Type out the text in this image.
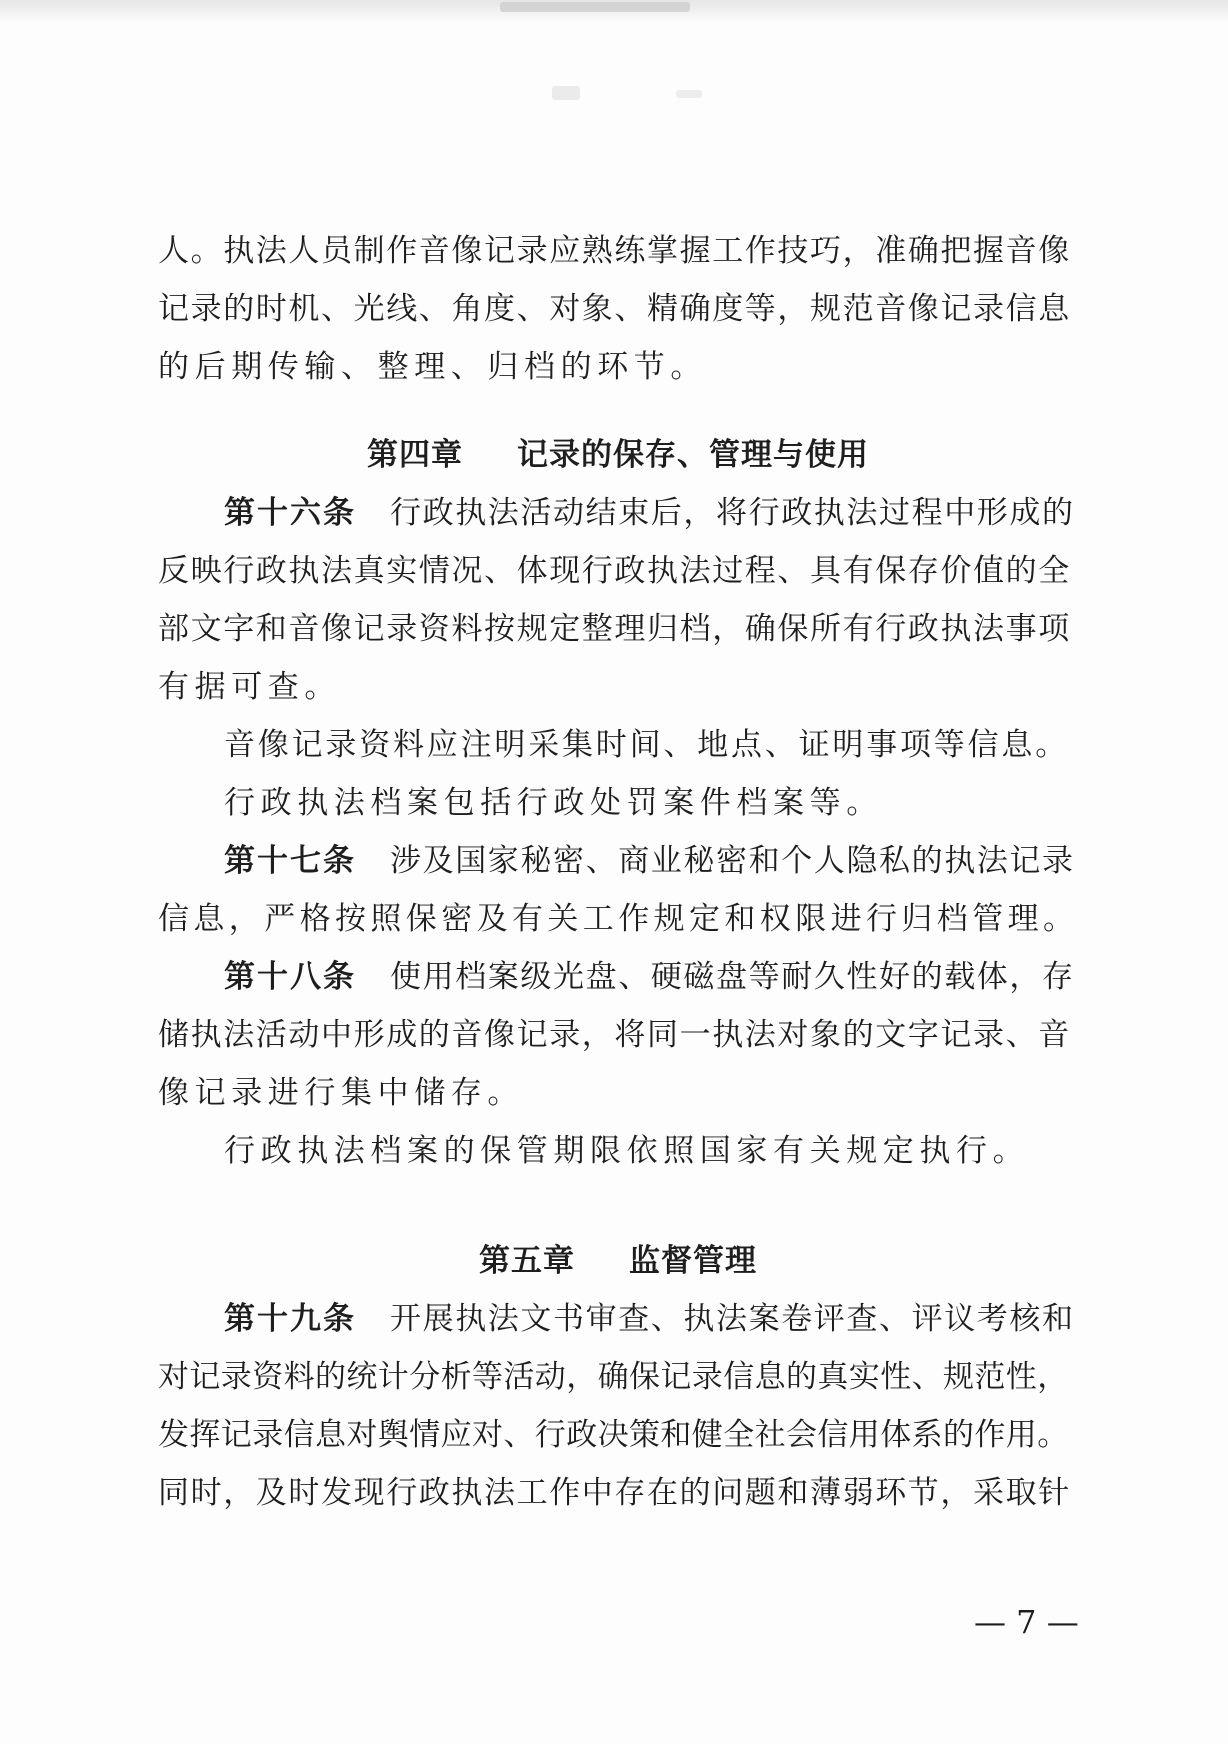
人。执法人员制作音像记录应熟练掌握工作技巧，准确把握音像

记录的时机、光线、角度、对象、精确度等，规范音像记录信息

的后期传输、整理、归档的环节。

第四章 记录的保存、管理与使用

第十六条 行政执法活动结束后，将行政执法过程中形成的

反映行政执法真实情况、体现行政执法过程、具有保存价值的全

部文字和音像记录资料按规定整理归档，确保所有行政执法事项

有据可查。

音像记录资料应注明采集时间、地点、证明事项等信息。

行政执法档案包括行政处罚案件档案等。

第十七条 涉及国家秘密、商业秘密和个人隐私的执法记录

信息，严格按照保密及有关工作规定和权限进行归档管理。

第十八条 使用档案级光盘、硬磁盘等耐久性好的载体，存

储执法活动中形成的音像记录，将同一执法对象的文字记录、音

像记录进行集中储存。

行政执法档案的保管期限依照国家有关规定执行。

第五章 监督管理

第十九条 开展执法文书审查、执法案卷评查、评议考核和

对记录资料的统计分析等活动，确保记录信息的真实性、规范性，

发挥记录信息对舆情应对、行政决策和健全社会信用体系的作用。

同时，及时发现行政执法工作中存在的问题和薄弱环节，采取针

— 7 —
